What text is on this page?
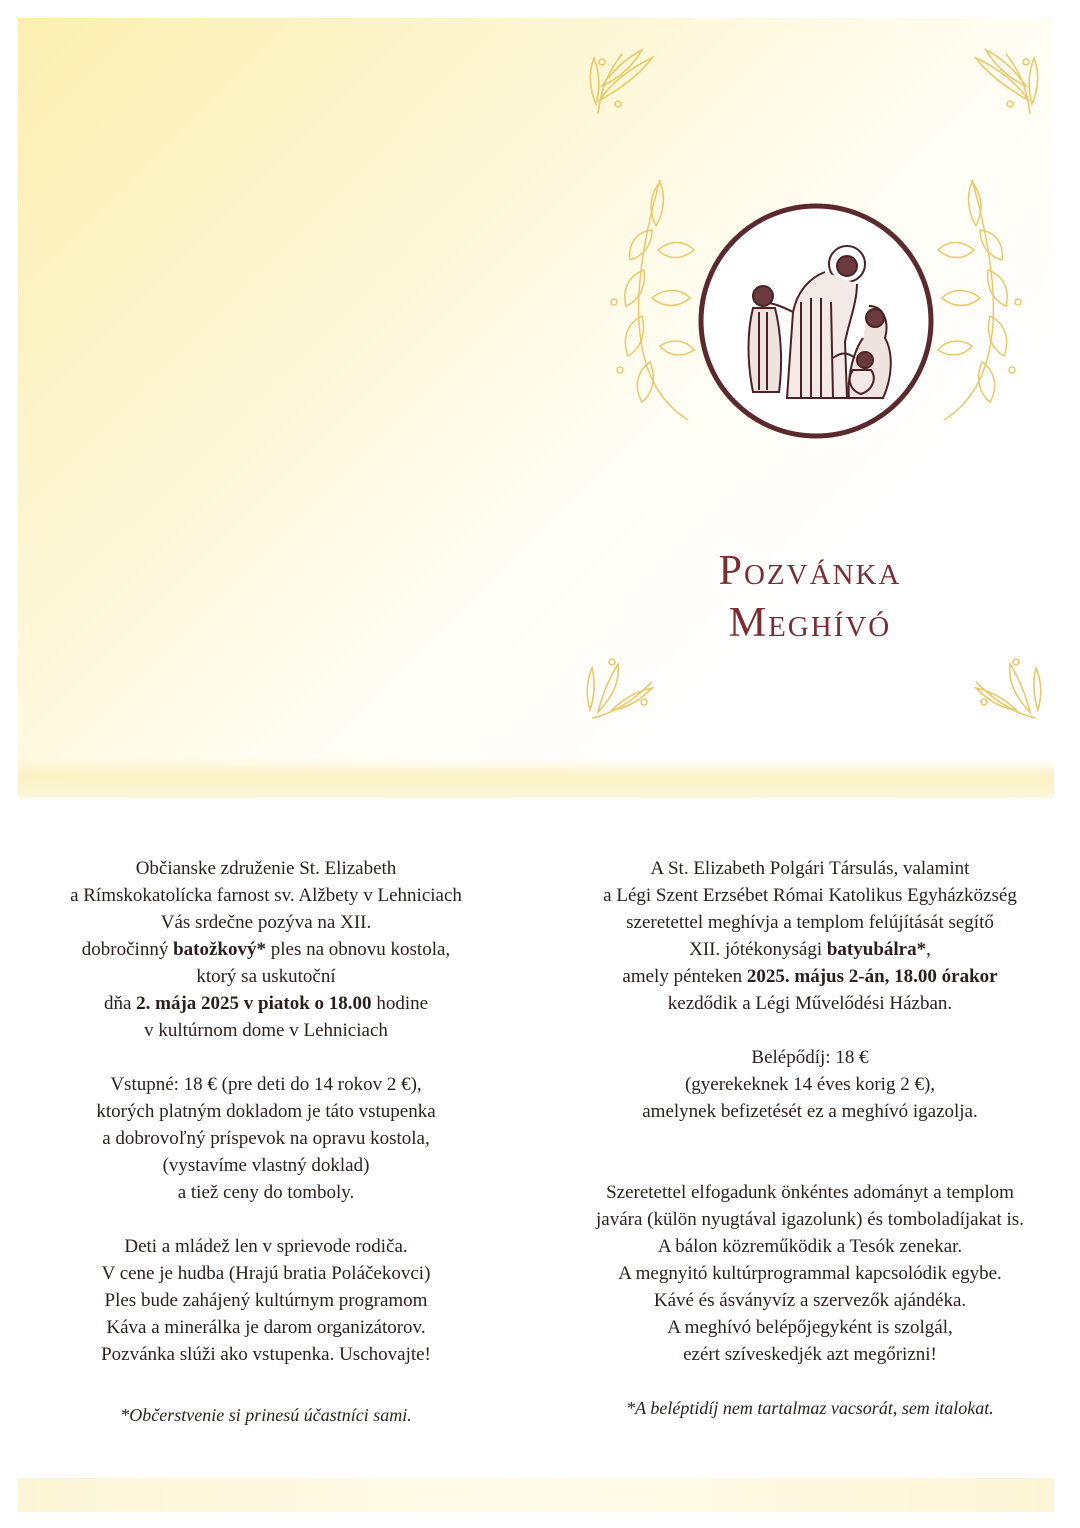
Pozvánka
Meghívó

Občianske združenie St. Elizabeth

a Rímskokatolícka farnost sv. Alžbety v Lehniciach

Vás srdečne pozýva na XII.

dobročinný batožkový* ples na obnovu kostola,

ktorý sa uskutoční

dňa 2. mája 2025 v piatok o 18.00 hodine

v kultúrnom dome v Lehniciach

Vstupné: 18 € (pre deti do 14 rokov 2 €),

ktorých platným dokladom je táto vstupenka

a dobrovoľný príspevok na opravu kostola,

(vystavíme vlastný doklad)

a tiež ceny do tomboly.

Deti a mládež len v sprievode rodiča.

V cene je hudba (Hrajú bratia Poláčekovci)

Ples bude zahájený kultúrnym programom

Káva a minerálka je darom organizátorov.

Pozvánka slúži ako vstupenka. Uschovajte!

*Občerstvenie si prinesú účastníci sami.

A St. Elizabeth Polgári Társulás, valamint

a Légi Szent Erzsébet Római Katolikus Egyházközség

szeretettel meghívja a templom felújítását segítő

XII. jótékonysági batyubálra*,

amely pénteken 2025. május 2-án, 18.00 órakor

kezdődik a Légi Művelődési Házban.

Belépődíj: 18 €

(gyerekeknek 14 éves korig 2 €),

amelynek befizetését ez a meghívó igazolja.

Szeretettel elfogadunk önkéntes adományt a templom

javára (külön nyugtával igazolunk) és tomboladíjakat is.

A bálon közreműködik a Tesók zenekar.

A megnyitó kultúrprogrammal kapcsolódik egybe.

Kávé és ásványvíz a szervezők ajándéka.

A meghívó belépőjegyként is szolgál,

ezért szíveskedjék azt megőrizni!

*A beléptidíj nem tartalmaz vacsorát, sem italokat.
